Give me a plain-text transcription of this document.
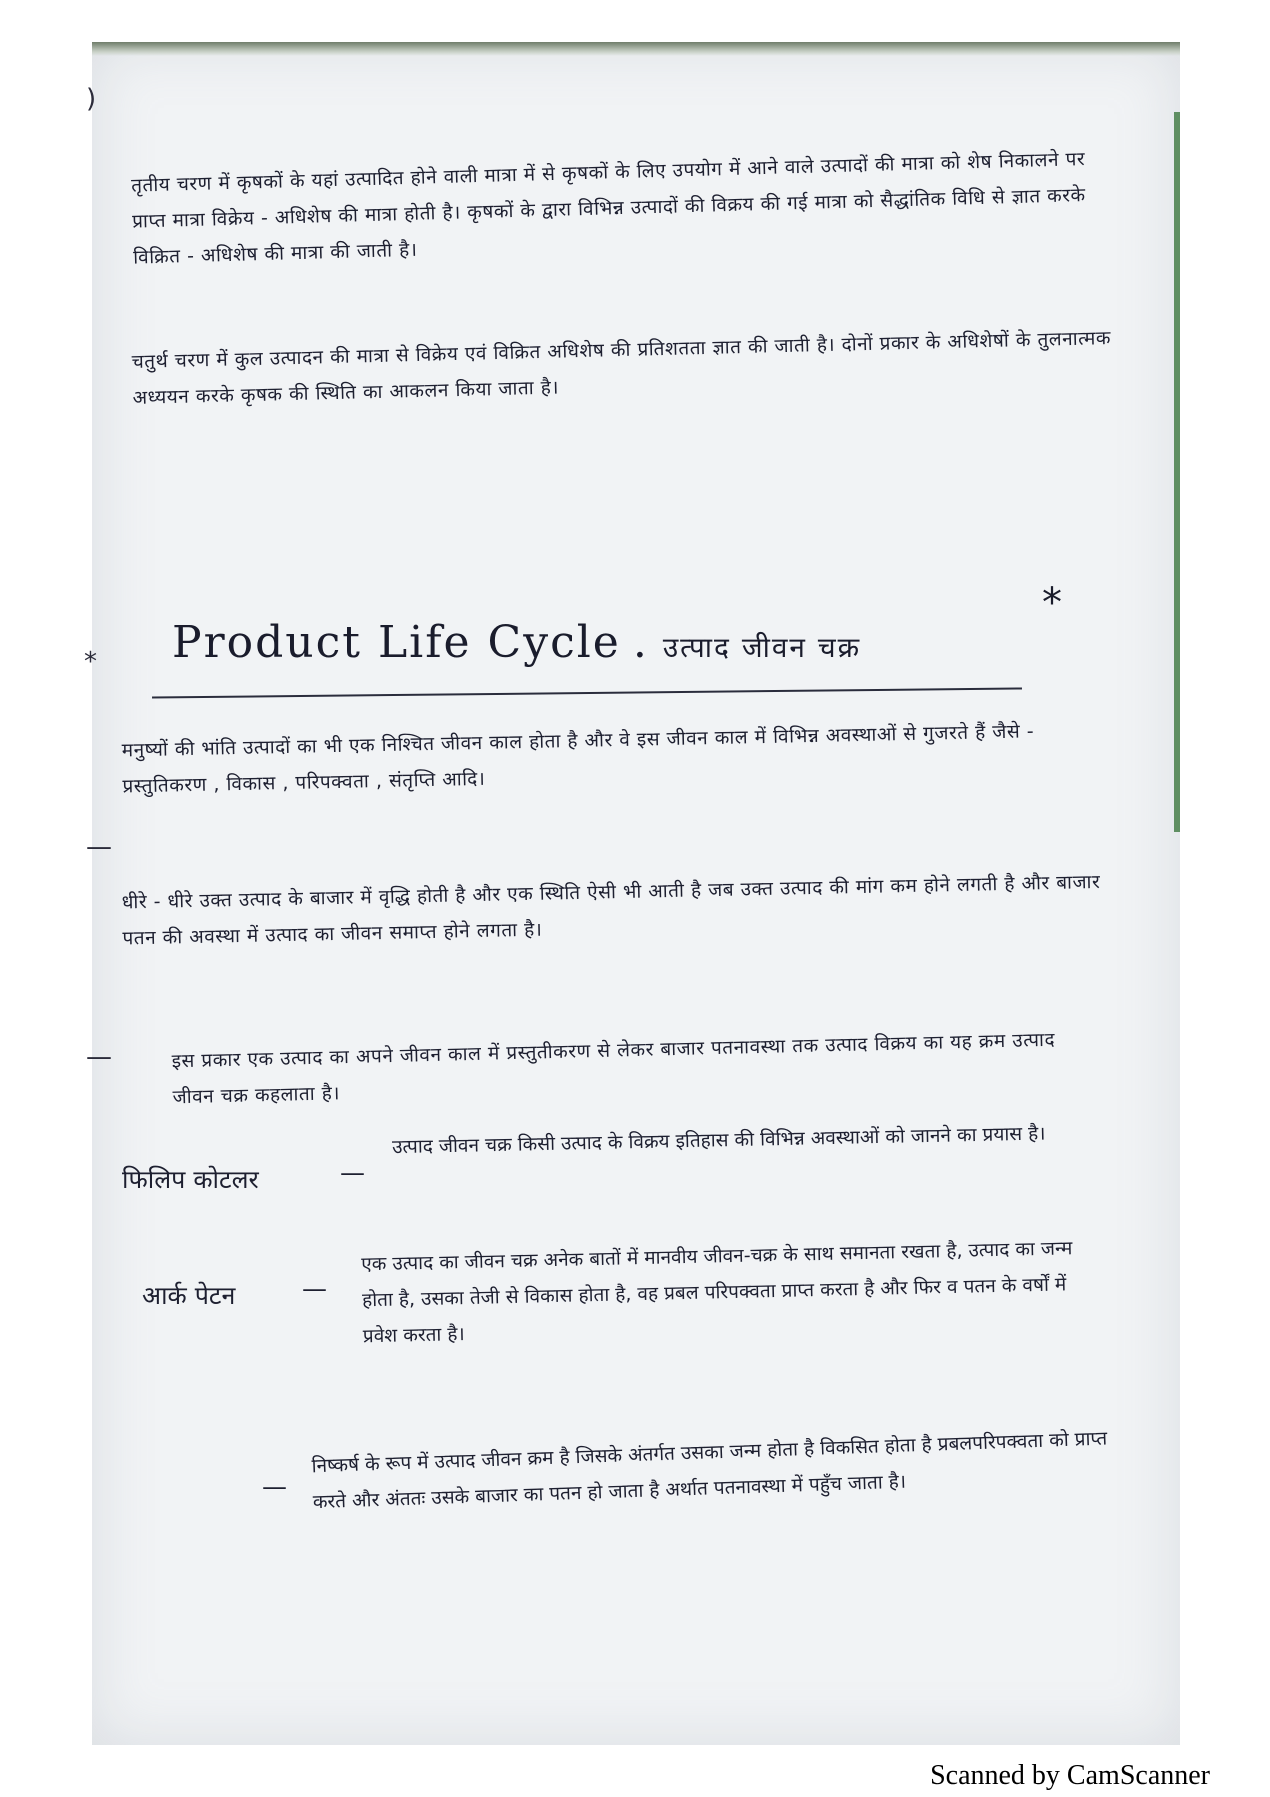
)
तृतीय चरण में कृषकों के यहां उत्पादित होने वाली मात्रा में से कृषकों के लिए उपयोग में आने वाले उत्पादों की मात्रा को शेष निकालने पर प्राप्त मात्रा विक्रेय - अधिशेष की मात्रा होती है। कृषकों के द्वारा विभिन्न उत्पादों की विक्रय की गई मात्रा को सैद्धांतिक विधि से ज्ञात करके विक्रित - अधिशेष की मात्रा की जाती है।
चतुर्थ चरण में कुल उत्पादन की मात्रा से विक्रेय एवं विक्रित अधिशेष की प्रतिशतता ज्ञात की जाती है। दोनों प्रकार के अधिशेषों के तुलनात्मक अध्ययन करके कृषक की स्थिति का आकलन किया जाता है।
* Product Life Cycle . उत्पाद जीवन चक्र
*
—
मनुष्यों की भांति उत्पादों का भी एक निश्चित जीवन काल होता है और वे इस जीवन काल में विभिन्न अवस्थाओं से गुजरते हैं जैसे - प्रस्तुतिकरण , विकास , परिपक्वता , संतृप्ति आदि।
धीरे - धीरे उक्त उत्पाद के बाजार में वृद्धि होती है और एक स्थिति ऐसी भी आती है जब उक्त उत्पाद की मांग कम होने लगती है और बाजार पतन की अवस्था में उत्पाद का जीवन समाप्त होने लगता है।
—	इस प्रकार एक उत्पाद का अपने जीवन काल में प्रस्तुतीकरण से लेकर बाजार पतनावस्था तक उत्पाद विक्रय का यह क्रम उत्पाद जीवन चक्र कहलाता है।
फिलिप कोटलर	—
उत्पाद जीवन चक्र किसी उत्पाद के विक्रय इतिहास की विभिन्न अवस्थाओं को जानने का प्रयास है।
आर्क पेटन	—
एक उत्पाद का जीवन चक्र अनेक बातों में मानवीय जीवन-चक्र के साथ समानता रखता है, उत्पाद का जन्म होता है, उसका तेजी से विकास होता है, वह प्रबल परिपक्वता प्राप्त करता है और फिर व पतन के वर्षों में प्रवेश करता है।
—
निष्कर्ष के रूप में उत्पाद जीवन क्रम है जिसके अंतर्गत उसका जन्म होता है विकसित होता है प्रबलपरिपक्वता को प्राप्त करते और अंततः उसके बाजार का पतन हो जाता है अर्थात पतनावस्था में पहुँच जाता है।
Scanned by CamScanner
